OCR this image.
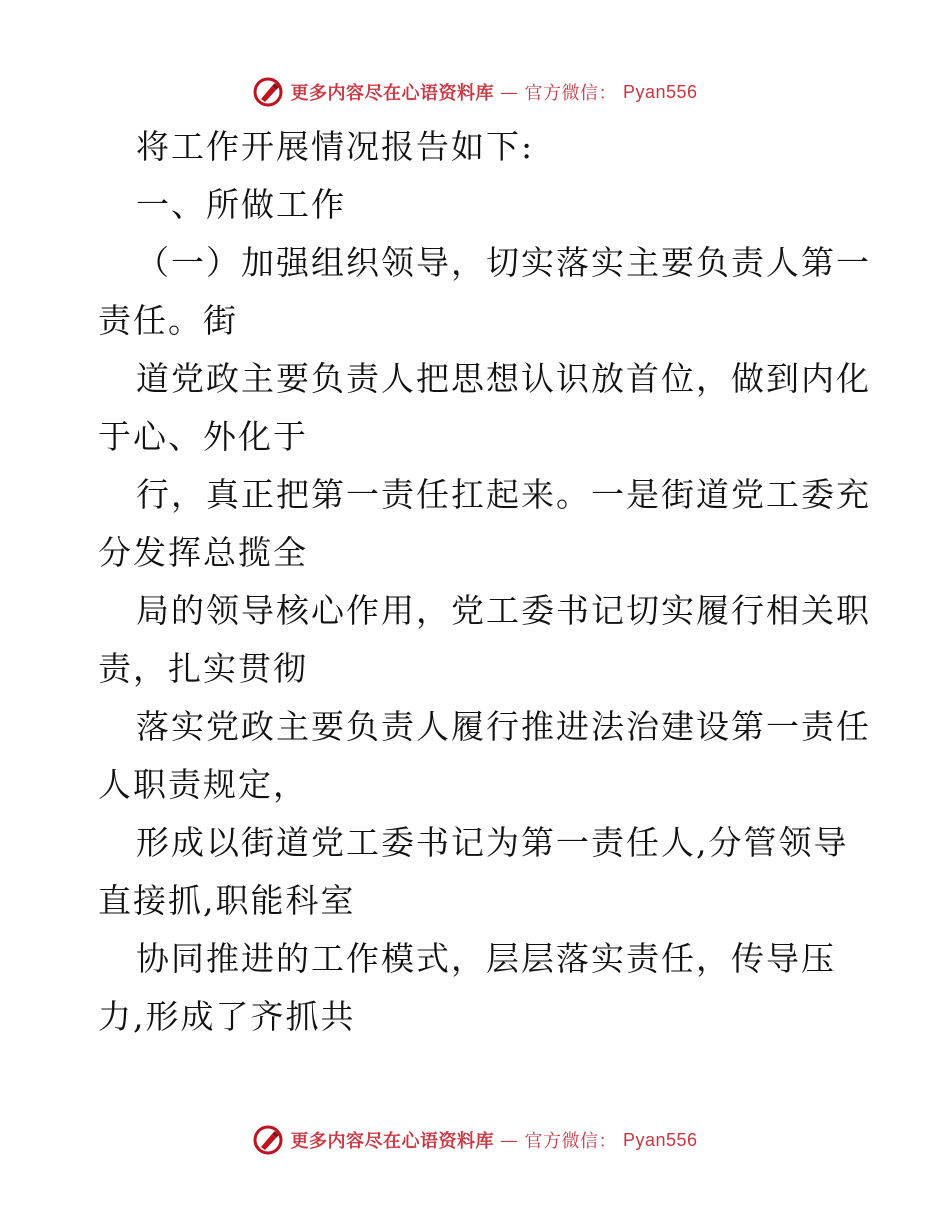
更多内容尽在心语资料库 — 官方微信： Pyan556
将工作开展情况报告如下:
一、所做工作
（一）加强组织领导，切实落实主要负责人第一
责任。街
道党政主要负责人把思想认识放首位，做到内化
于心、外化于
行，真正把第一责任扛起来。一是街道党工委充
分发挥总揽全
局的领导核心作用，党工委书记切实履行相关职
责，扎实贯彻
落实党政主要负责人履行推进法治建设第一责任
人职责规定，
形成以街道党工委书记为第一责任人,分管领导
直接抓,职能科室
协同推进的工作模式，层层落实责任，传导压
力,形成了齐抓共
更多内容尽在心语资料库 — 官方微信： Pyan556
